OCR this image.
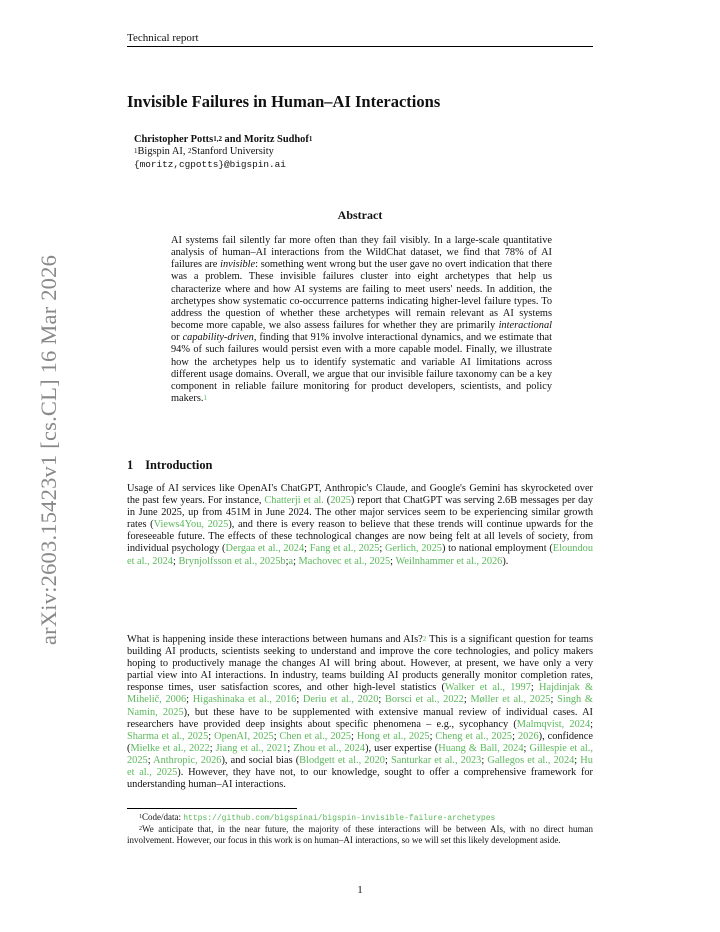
Technical report
arXiv:2603.15423v1 [cs.CL] 16 Mar 2026
Invisible Failures in Human–AI Interactions
Christopher Potts$^{1,2}$ and Moritz Sudhof$^1$
$^1$Bigspin AI, $^2$Stanford University
{moritz,cgpotts}@bigspin.ai
Abstract
AI systems fail silently far more often than they fail visibly. In a large-scale quantitative analysis of human–AI interactions from the WildChat dataset, we find that 78% of AI failures are invisible: something went wrong but the user gave no overt indication that there was a problem. These invisible failures cluster into eight archetypes that help us characterize where and how AI systems are failing to meet users' needs. In addition, the archetypes show systematic co-occurrence patterns indicating higher-level failure types. To address the question of whether these archetypes will remain relevant as AI systems become more capable, we also assess failures for whether they are primarily interactional or capability-driven, finding that 91% involve interactional dynamics, and we estimate that 94% of such failures would persist even with a more capable model. Finally, we illustrate how the archetypes help us to identify systematic and variable AI limitations across different usage domains. Overall, we argue that our invisible failure taxonomy can be a key component in reliable failure monitoring for product developers, scientists, and policy makers.$^1$
1 Introduction
Usage of AI services like OpenAI's ChatGPT, Anthropic's Claude, and Google's Gemini has skyrocketed over the past few years. For instance, Chatterji et al. (2025) report that ChatGPT was serving 2.6B messages per day in June 2025, up from 451M in June 2024. The other major services seem to be experiencing similar growth rates (Views4You, 2025), and there is every reason to believe that these trends will continue upwards for the foreseeable future. The effects of these technological changes are now being felt at all levels of society, from individual psychology (Dergaa et al., 2024; Fang et al., 2025; Gerlich, 2025) to national employment (Eloundou et al., 2024; Brynjolfsson et al., 2025b;a; Machovec et al., 2025; Weilnhammer et al., 2026).
What is happening inside these interactions between humans and AIs?$^2$ This is a significant question for teams building AI products, scientists seeking to understand and improve the core technologies, and policy makers hoping to productively manage the changes AI will bring about. However, at present, we have only a very partial view into AI interactions. In industry, teams building AI products generally monitor completion rates, response times, user satisfaction scores, and other high-level statistics (Walker et al., 1997; Hajdinjak & Mihelič, 2006; Higashinaka et al., 2016; Deriu et al., 2020; Borsci et al., 2022; Møller et al., 2025; Singh & Namin, 2025), but these have to be supplemented with extensive manual review of individual cases. AI researchers have provided deep insights about specific phenomena – e.g., sycophancy (Malmqvist, 2024; Sharma et al., 2025; OpenAI, 2025; Chen et al., 2025; Hong et al., 2025; Cheng et al., 2025; 2026), confidence (Mielke et al., 2022; Jiang et al., 2021; Zhou et al., 2024), user expertise (Huang & Ball, 2024; Gillespie et al., 2025; Anthropic, 2026), and social bias (Blodgett et al., 2020; Santurkar et al., 2023; Gallegos et al., 2024; Hu et al., 2025). However, they have not, to our knowledge, sought to offer a comprehensive framework for understanding human–AI interactions.

$^1$Code/data: https://github.com/bigspinai/bigspin-invisible-failure-archetypes

$^2$We anticipate that, in the near future, the majority of these interactions will be between AIs, with no direct human involvement. However, our focus in this work is on human–AI interactions, so we will set this likely development aside.

1
